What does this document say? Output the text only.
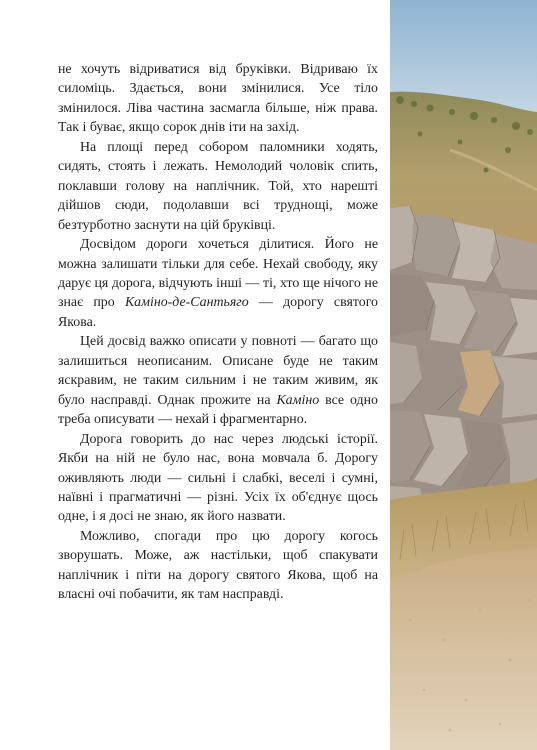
не хочуть відриватися від бруківки. Відриваю їх силоміць. Здається, вони змінилися. Усе тіло змінилося. Ліва частина засмагла більше, ніж права. Так і буває, якщо сорок днів іти на захід.

На площі перед собором паломники ходять, сидять, стоять і лежать. Немолодий чоловік спить, поклавши голову на наплічник. Той, хто нарешті дійшов сюди, подолавши всі труднощі, може безтурботно заснути на цій бруківці.

Досвідом дороги хочеться ділитися. Його не можна залишати тільки для себе. Нехай свободу, яку дарує ця дорога, відчують інші — ті, хто ще нічого не знає про Каміно-де-Сантьяго — дорогу святого Якова.

Цей досвід важко описати у повноті — багато що залишиться неописаним. Описане буде не таким яскравим, не таким сильним і не таким живим, як було насправді. Однак прожите на Каміно все одно треба описувати — нехай і фрагментарно.

Дорога говорить до нас через людські історії. Якби на ній не було нас, вона мовчала б. Дорогу оживляють люди — сильні і слабкі, веселі і сумні, наївні і прагматичні — різні. Усіх їх об'єднує щось одне, і я досі не знаю, як його назвати.

Можливо, спогади про цю дорогу когось зворушать. Може, аж настільки, щоб спакувати наплічник і піти на дорогу святого Якова, щоб на власні очі побачити, як там насправді.
